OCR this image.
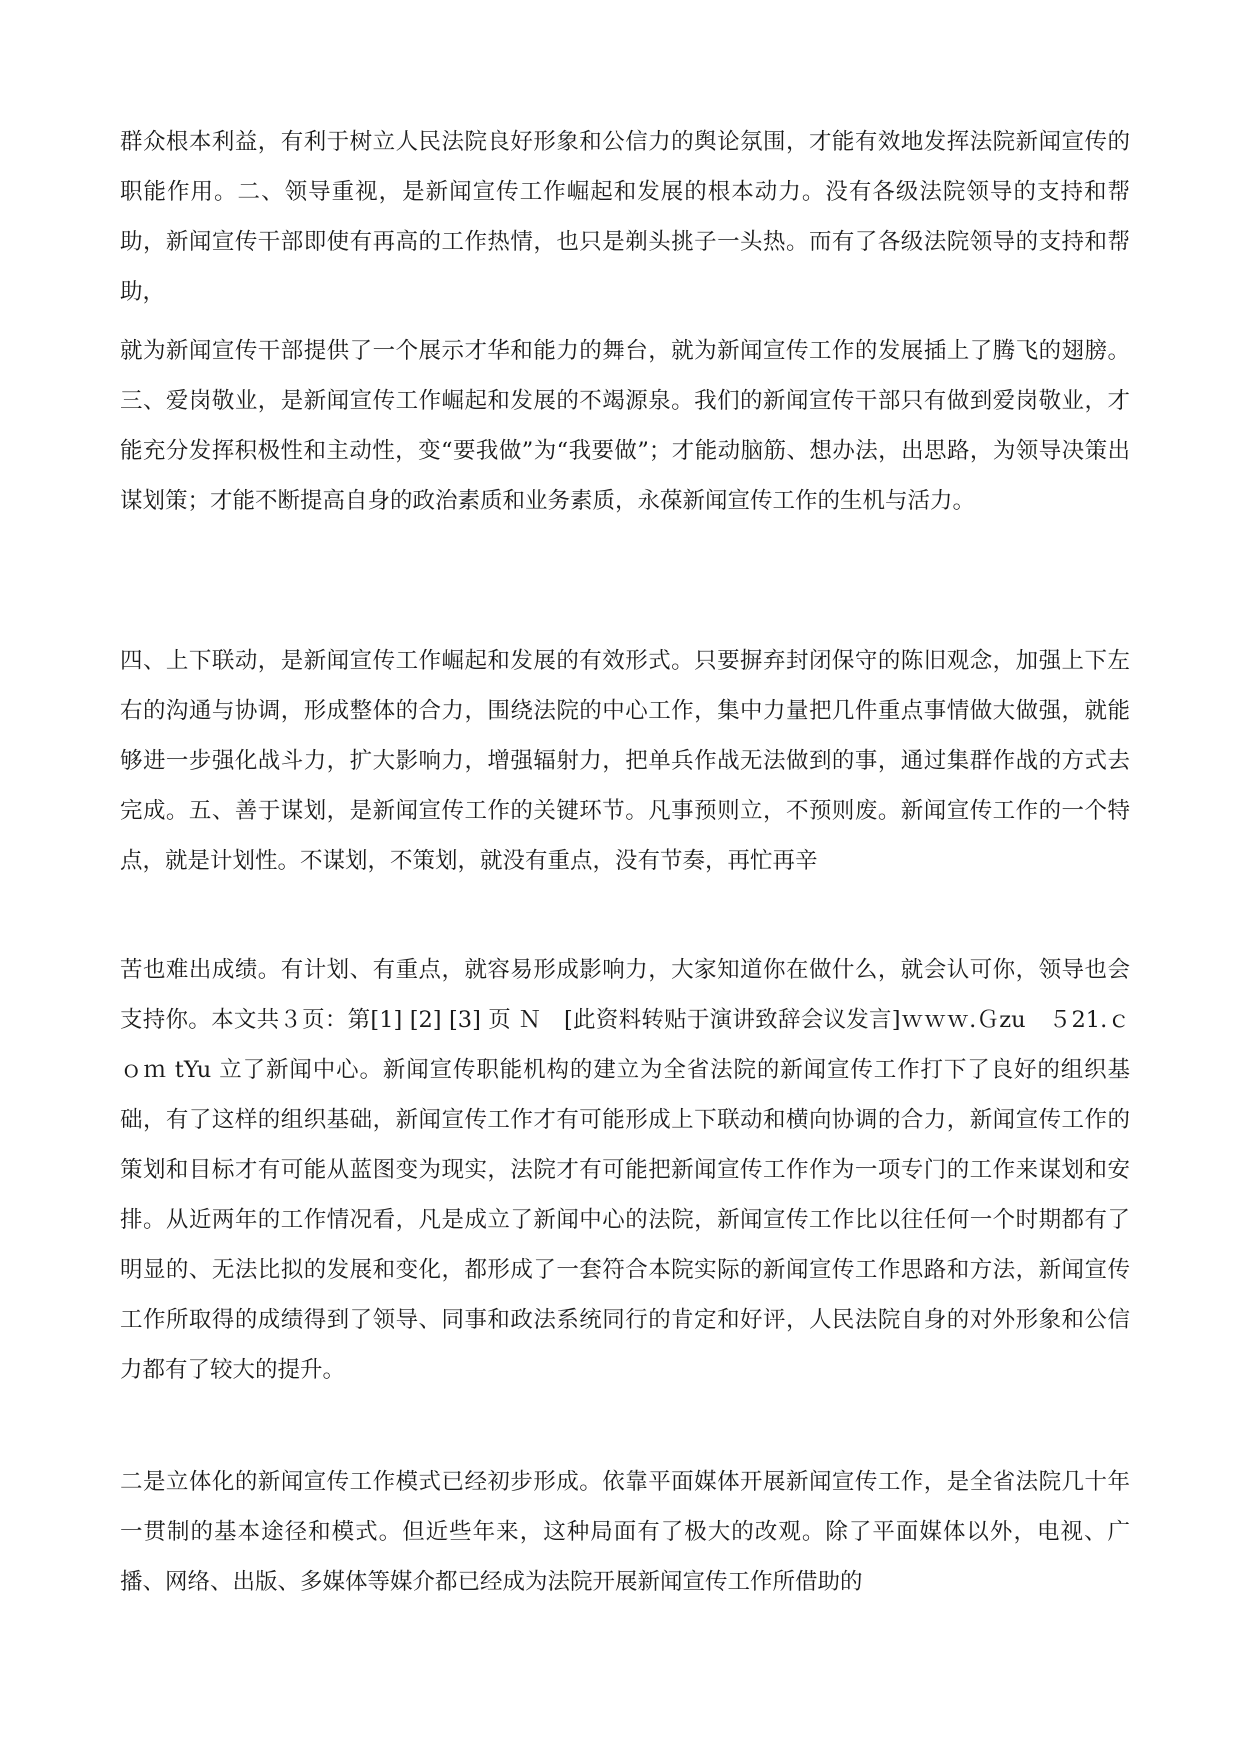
群众根本利益，有利于树立人民法院良好形象和公信力的舆论氛围，才能有效地发挥法院新闻宣传的职能作用。二、领导重视，是新闻宣传工作崛起和发展的根本动力。没有各级法院领导的支持和帮助，新闻宣传干部即使有再高的工作热情，也只是剃头挑子一头热。而有了各级法院领导的支持和帮助，

就为新闻宣传干部提供了一个展示才华和能力的舞台，就为新闻宣传工作的发展插上了腾飞的翅膀。三、爱岗敬业，是新闻宣传工作崛起和发展的不竭源泉。我们的新闻宣传干部只有做到爱岗敬业，才能充分发挥积极性和主动性，变“要我做”为“我要做”；才能动脑筋、想办法，出思路，为领导决策出谋划策；才能不断提高自身的政治素质和业务素质，永葆新闻宣传工作的生机与活力。

四、上下联动，是新闻宣传工作崛起和发展的有效形式。只要摒弃封闭保守的陈旧观念，加强上下左右的沟通与协调，形成整体的合力，围绕法院的中心工作，集中力量把几件重点事情做大做强，就能够进一步强化战斗力，扩大影响力，增强辐射力，把单兵作战无法做到的事，通过集群作战的方式去完成。五、善于谋划，是新闻宣传工作的关键环节。凡事预则立，不预则废。新闻宣传工作的一个特点，就是计划性。不谋划，不策划，就没有重点，没有节奏，再忙再辛

苦也难出成绩。有计划、有重点，就容易形成影响力，大家知道你在做什么，就会认可你，领导也会支持你。本文共３页：第[1] [2] [3] 页 Ｎ　[此资料转贴于演讲致辞会议发言]ｗｗｗ.Ｇzu　５21.ｃｏｍ tYu 立了新闻中心。新闻宣传职能机构的建立为全省法院的新闻宣传工作打下了良好的组织基础，有了这样的组织基础，新闻宣传工作才有可能形成上下联动和横向协调的合力，新闻宣传工作的策划和目标才有可能从蓝图变为现实，法院才有可能把新闻宣传工作作为一项专门的工作来谋划和安排。从近两年的工作情况看，凡是成立了新闻中心的法院，新闻宣传工作比以往任何一个时期都有了明显的、无法比拟的发展和变化，都形成了一套符合本院实际的新闻宣传工作思路和方法，新闻宣传工作所取得的成绩得到了领导、同事和政法系统同行的肯定和好评，人民法院自身的对外形象和公信力都有了较大的提升。

二是立体化的新闻宣传工作模式已经初步形成。依靠平面媒体开展新闻宣传工作，是全省法院几十年一贯制的基本途径和模式。但近些年来，这种局面有了极大的改观。除了平面媒体以外，电视、广播、网络、出版、多媒体等媒介都已经成为法院开展新闻宣传工作所借助的
